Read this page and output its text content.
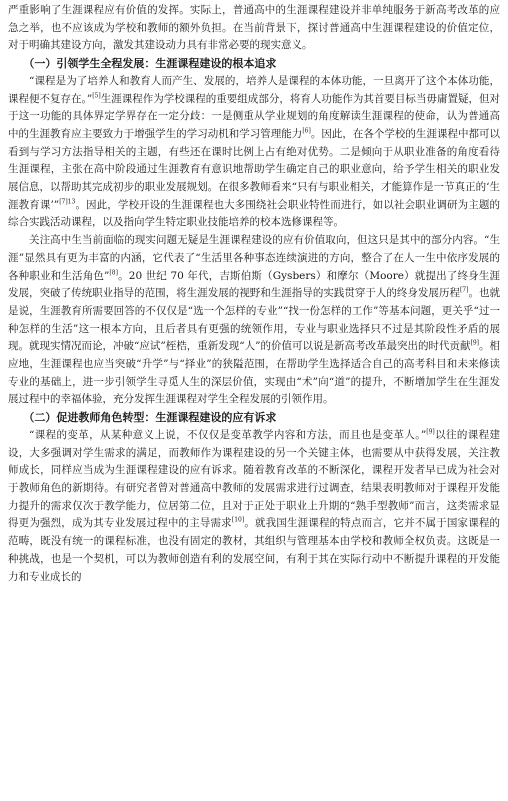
严重影响了生涯课程应有价值的发挥。实际上，普通高中的生涯课程建设并非单纯服务于新高考改革的应急之举，也不应该成为学校和教师的额外负担。在当前背景下，探讨普通高中生涯课程建设的价值定位，对于明确其建设方向，激发其建设动力具有非常必要的现实意义。

（一）引领学生全程发展：生涯课程建设的根本追求

“课程是为了培养人和教育人而产生、发展的，培养人是课程的本体功能，一旦离开了这个本体功能，课程便不复存在。”[5]生涯课程作为学校课程的重要组成部分，将育人功能作为其首要目标当毋庸置疑，但对于这一功能的具体界定学界存在一定分歧：一是侧重从学业规划的角度解读生涯课程的使命，认为普通高中的生涯教育应主要致力于增强学生的学习动机和学习管理能力[6]。因此，在各个学校的生涯课程中都可以看到与学习方法指导相关的主题，有些还在课时比例上占有绝对优势。二是倾向于从职业准备的角度看待生涯课程，主张在高中阶段通过生涯教育有意识地帮助学生确定自己的职业意向，给予学生相关的职业发展信息，以帮助其完成初步的职业发展规划。在很多教师看来“只有与职业相关，才能算作是一节真正的‘生涯教育课’”$^{[7]13}$。因此，学校开设的生涯课程也大多围绕社会职业特性而进行，如以社会职业调研为主题的综合实践活动课程，以及指向学生特定职业技能培养的校本选修课程等。

关注高中生当前面临的现实问题无疑是生涯课程建设的应有价值取向，但这只是其中的部分内容。“生涯”显然具有更为丰富的内涵，它代表了“生活里各种事态连续演进的方向，整合了在人一生中依序发展的各种职业和生活角色”[8]。20 世纪 70 年代，吉斯伯斯（Gysbers）和摩尔（Moore）就提出了终身生涯发展，突破了传统职业指导的范围，将生涯发展的视野和生涯指导的实践贯穿于人的终身发展历程[7]。也就是说，生涯教育所需要回答的不仅仅是“选一个怎样的专业”“找一份怎样的工作”等基本问题，更关乎“过一种怎样的生活”这一根本方向，且后者具有更强的统领作用，专业与职业选择只不过是其阶段性矛盾的展现。就现实情况而论，冲破“应试”桎梏，重新发现“人”的价值可以说是新高考改革最突出的时代贡献[9]。相应地，生涯课程也应当突破“升学”与“择业”的狭隘范围，在帮助学生选择适合自己的高考科目和未来修读专业的基础上，进一步引领学生寻觅人生的深层价值，实现由“术”向“道”的提升，不断增加学生在生涯发展过程中的幸福体验，充分发挥生涯课程对学生全程发展的引领作用。

（二）促进教师角色转型：生涯课程建设的应有诉求

“课程的变革，从某种意义上说，不仅仅是变革教学内容和方法，而且也是变革人。”[9]以往的课程建设，大多强调对学生需求的满足，而教师作为课程建设的另一个关键主体，也需要从中获得发展，关注教师成长，同样应当成为生涯课程建设的应有诉求。随着教育改革的不断深化，课程开发者早已成为社会对于教师角色的新期待。有研究者曾对普通高中教师的发展需求进行过调查，结果表明教师对于课程开发能力提升的需求仅次于教学能力，位居第二位，且对于正处于职业上升期的“熟手型教师”而言，这类需求显得更为强烈，成为其专业发展过程中的主导需求[10]。就我国生涯课程的特点而言，它并不属于国家课程的范畴，既没有统一的课程标准，也没有固定的教材，其组织与管理基本由学校和教师全权负责。这既是一种挑战，也是一个契机，可以为教师创造有利的发展空间，有利于其在实际行动中不断提升课程的开发能力和专业成长的
